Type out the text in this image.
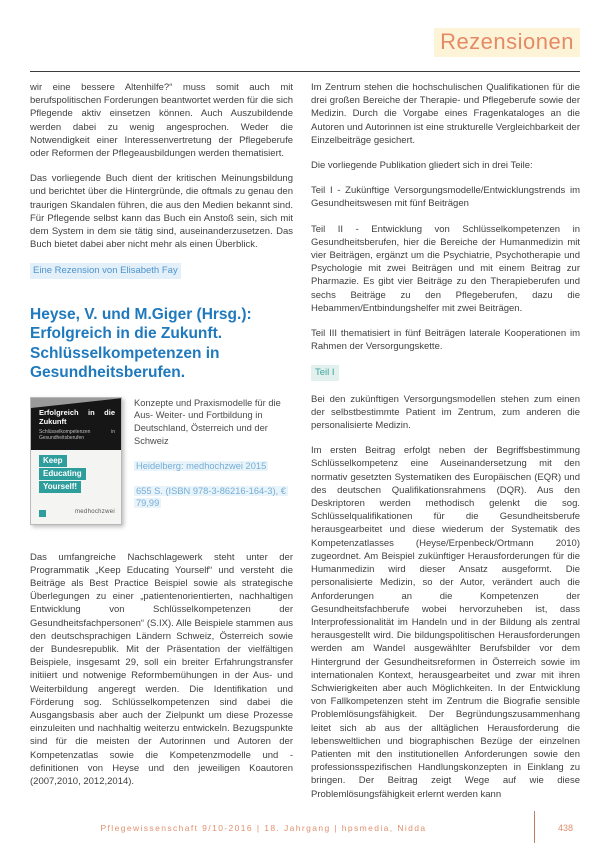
Rezensionen

wir eine bessere Altenhilfe?“ muss somit auch mit berufspolitischen Forderungen beantwortet werden für die sich Pflegende aktiv einsetzen können. Auch Auszubildende werden dabei zu wenig angesprochen. Weder die Notwendigkeit einer Interessenvertretung der Pflegeberufe oder Reformen der Pflegeausbildungen werden thematisiert.

Das vorliegende Buch dient der kritischen Meinungsbildung und berichtet über die Hintergründe, die oftmals zu genau den traurigen Skandalen führen, die aus den Medien bekannt sind. Für Pflegende selbst kann das Buch ein Anstoß sein, sich mit dem System in dem sie tätig sind, auseinanderzusetzen. Das Buch bietet dabei aber nicht mehr als einen Überblick.

Eine Rezension von Elisabeth Fay
Heyse, V. und M.Giger (Hrsg.): Erfolgreich in die Zukunft. Schlüsselkompetenzen in Gesundheitsberufen.
Erfolgreich in die Zukunft
Schlüsselkompetenzen in Gesundheitsberufen
Keep
Educating
Yourself!
medhochzwei
Konzepte und Praxismodelle für die Aus- Weiter- und Fortbildung in Deutschland, Österreich und der Schweiz
Heidelberg: medhochzwei 2015
655 S. (ISBN 978-3-86216-164-3), € 79,99

Das umfangreiche Nachschlagewerk steht unter der Programmatik „Keep Educating Yourself“ und versteht die Beiträge als Best Practice Beispiel sowie als strategische Überlegungen zu einer „patientenorientierten, nachhaltigen Entwicklung von Schlüsselkompetenzen der Gesundheitsfachpersonen“ (S.IX). Alle Beispiele stammen aus den deutschsprachigen Ländern Schweiz, Österreich sowie der Bundesrepublik. Mit der Präsentation der vielfältigen Beispiele, insgesamt 29, soll ein breiter Erfahrungstransfer initiiert und notwenige Reformbemühungen in der Aus- und Weiterbildung angeregt werden. Die Identifikation und Förderung sog. Schlüsselkompetenzen sind dabei die Ausgangsbasis aber auch der Zielpunkt um diese Prozesse einzuleiten und nachhaltig weiterzu entwickeln. Bezugspunkte sind für die meisten der Autorinnen und Autoren der Kompetenzatlas sowie die Kompetenzmodelle und -definitionen von Heyse und den jeweiligen Koautoren (2007,2010, 2012,2014).

Im Zentrum stehen die hochschulischen Qualifikationen für die drei großen Bereiche der Therapie- und Pflegeberufe sowie der Medizin. Durch die Vorgabe eines Fragenkataloges an die Autoren und Autorinnen ist eine strukturelle Vergleichbarkeit der Einzelbeiträge gesichert.

Die vorliegende Publikation gliedert sich in drei Teile:

Teil I - Zukünftige Versorgungsmodelle/Entwicklungstrends im Gesundheitswesen mit fünf Beiträgen

Teil II - Entwicklung von Schlüsselkompetenzen in Gesundheitsberufen, hier die Bereiche der Humanmedizin mit vier Beiträgen, ergänzt um die Psychiatrie, Psychotherapie und Psychologie mit zwei Beiträgen und mit einem Beitrag zur Pharmazie. Es gibt vier Beiträge zu den Therapieberufen und sechs Beiträge zu den Pflegeberufen, dazu die Hebammen/Entbindungshelfer mit zwei Beiträgen.

Teil III thematisiert in fünf Beiträgen laterale Kooperationen im Rahmen der Versorgungskette.

Teil I

Bei den zukünftigen Versorgungsmodellen stehen zum einen der selbstbestimmte Patient im Zentrum, zum anderen die personalisierte Medizin.

Im ersten Beitrag erfolgt neben der Begriffsbestimmung Schlüsselkompetenz eine Auseinandersetzung mit den normativ gesetzten Systematiken des Europäischen (EQR) und des deutschen Qualifikationsrahmens (DQR). Aus den Deskriptoren werden methodisch gelenkt die sog. Schlüsselqualifikationen für die Gesundheitsberufe herausgearbeitet und diese wiederum der Systematik des Kompetenzatlasses (Heyse/Erpenbeck/Ortmann 2010) zugeordnet. Am Beispiel zukünftiger Herausforderungen für die Humanmedizin wird dieser Ansatz ausgeformt. Die personalisierte Medizin, so der Autor, verändert auch die Anforderungen an die Kompetenzen der Gesundheitsfachberufe wobei hervorzuheben ist, dass Interprofessionalität im Handeln und in der Bildung als zentral herausgestellt wird. Die bildungspolitischen Herausforderungen werden am Wandel ausgewählter Berufsbilder vor dem Hintergrund der Gesundheitsreformen in Österreich sowie im internationalen Kontext, herausgearbeitet und zwar mit ihren Schwierigkeiten aber auch Möglichkeiten. In der Entwicklung von Fallkompetenzen steht im Zentrum die Biografie sensible Problemlösungsfähigkeit. Der Begründungszusammenhang leitet sich ab aus der alltäglichen Herausforderung die lebensweltlichen und biographischen Bezüge der einzelnen Patienten mit den institutionellen Anforderungen sowie den professionsspezifischen Handlungskonzepten in Einklang zu bringen. Der Beitrag zeigt Wege auf wie diese Problemlösungsfähigkeit erlernt werden kann

Pflegewissenschaft 9/10-2016 | 18. Jahrgang | hpsmedia, Nidda	438
